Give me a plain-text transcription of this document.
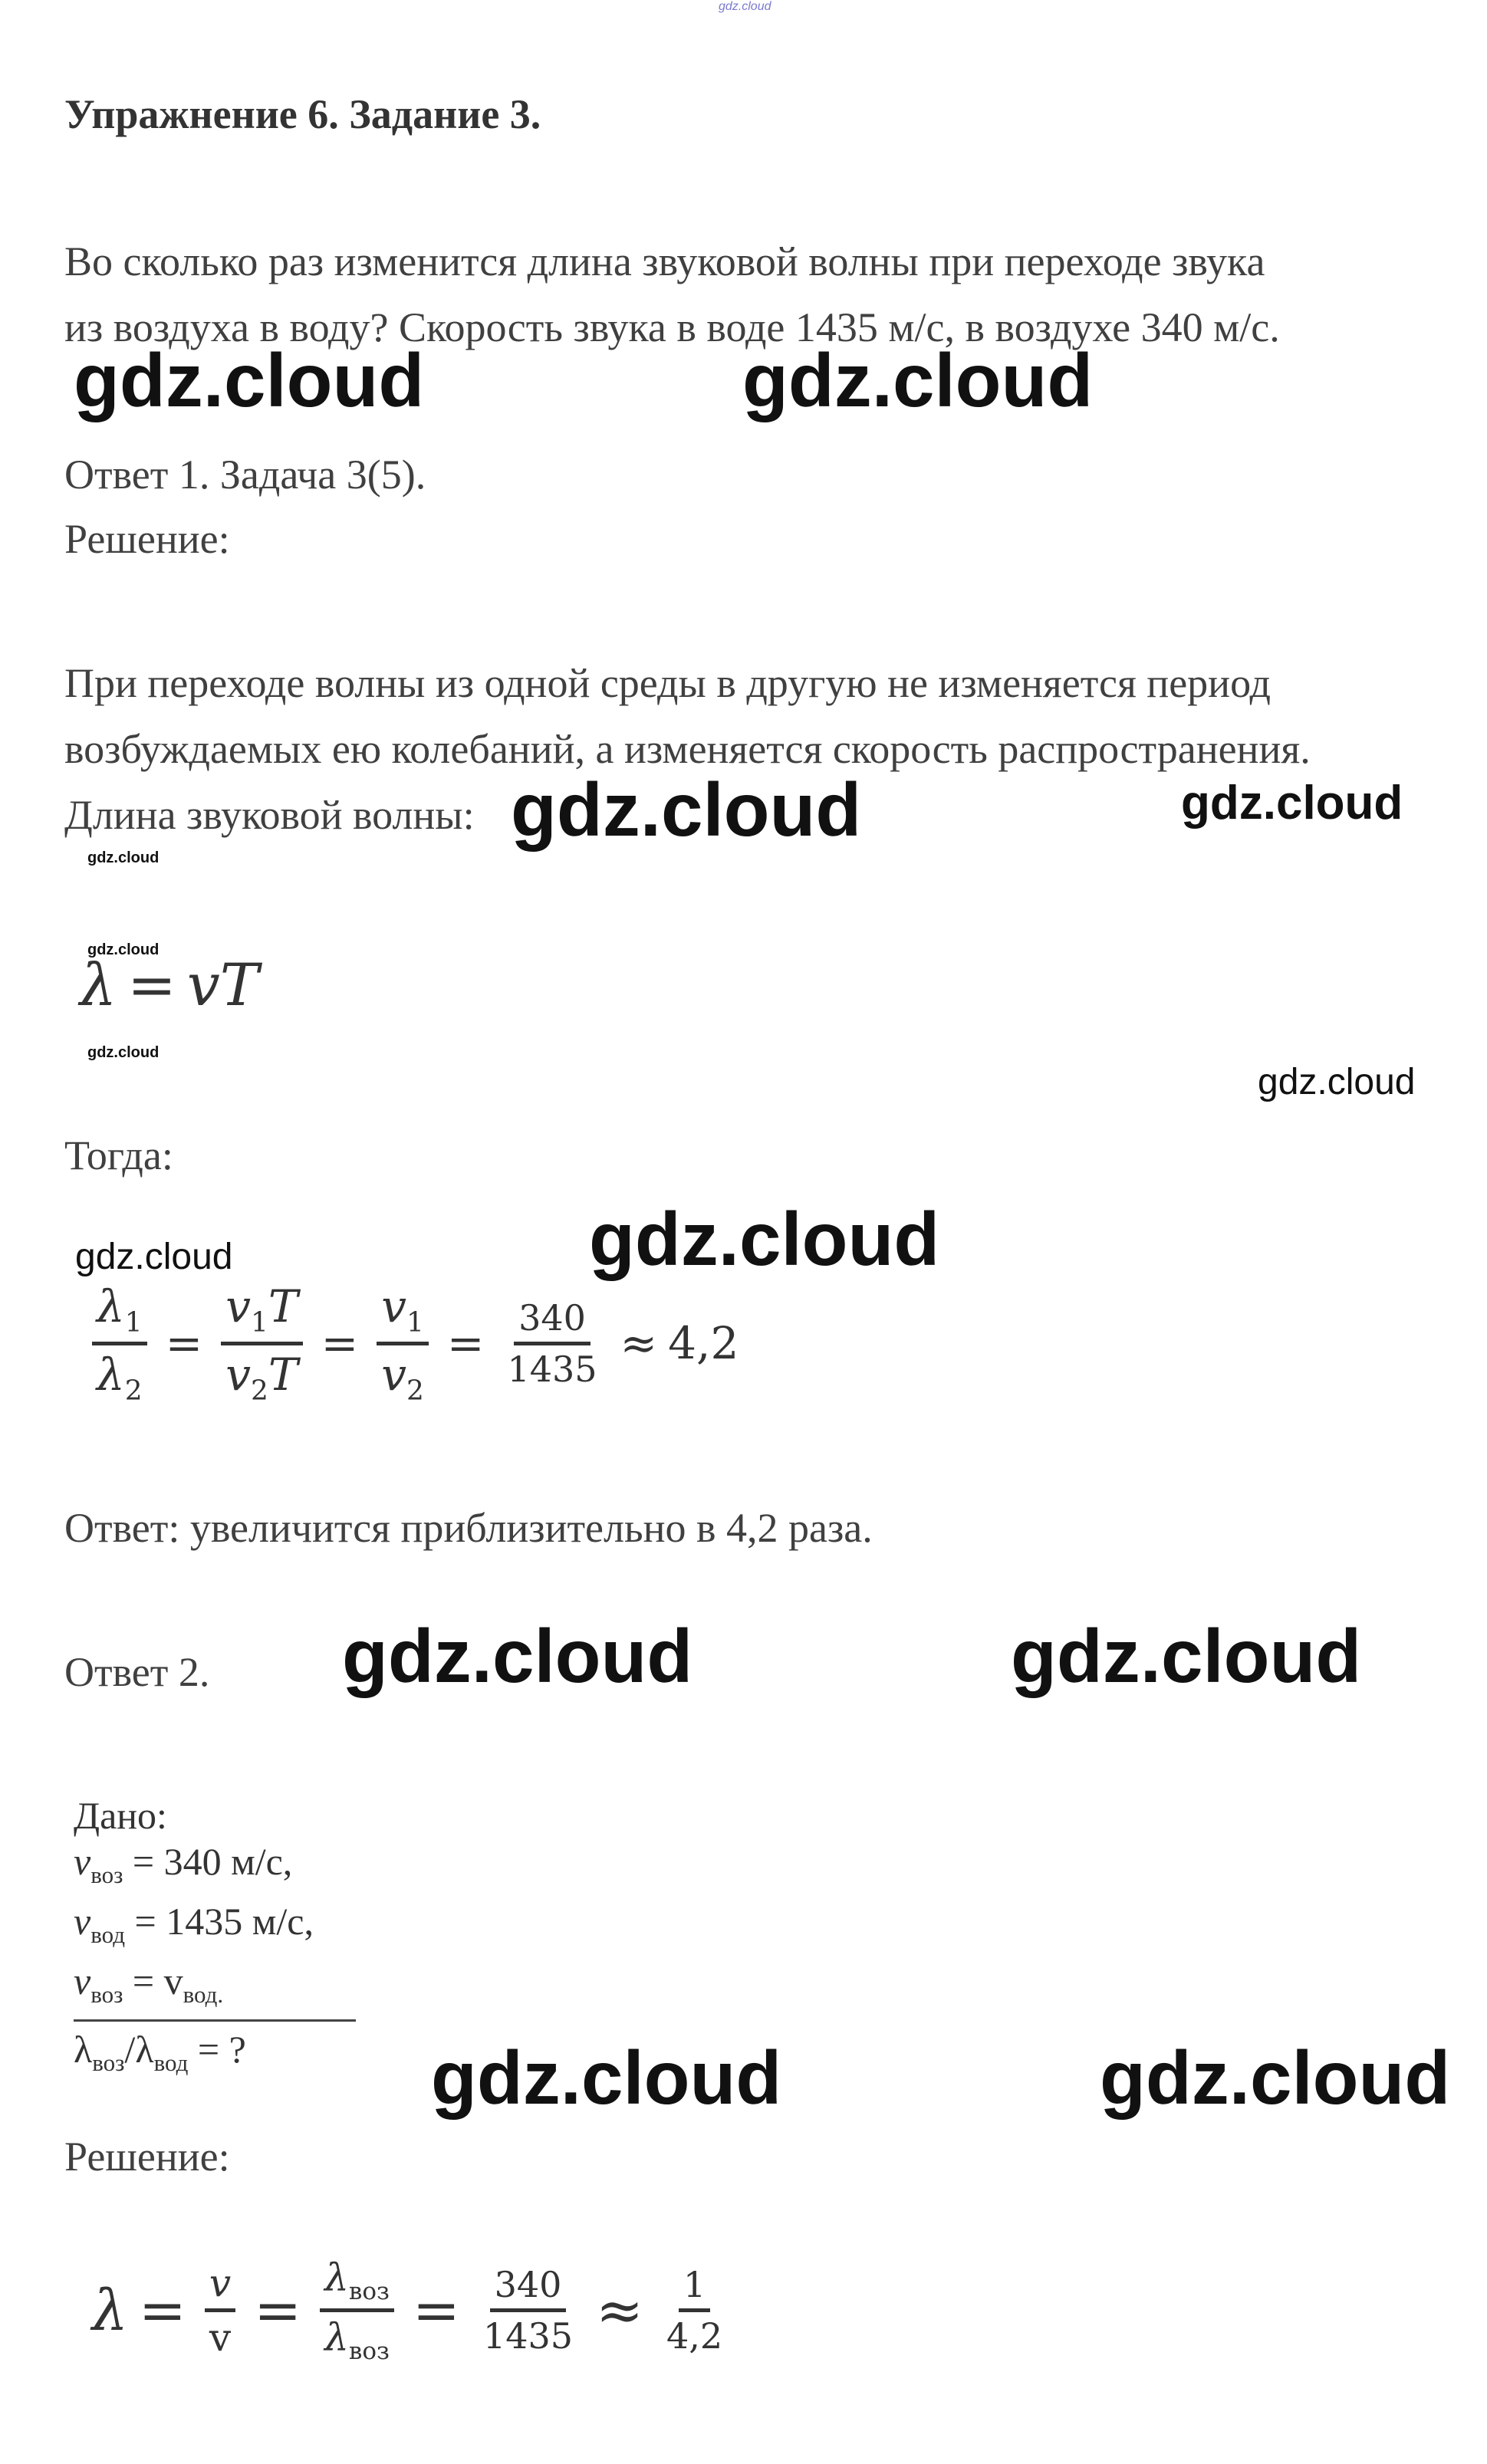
gdz.cloud
Упражнение 6. Задание 3.
Во сколько раз изменится длина звуковой волны при переходе звука
из воздуха в воду? Скорость звука в воде 1435 м/с, в воздухе 340 м/с.
gdz.cloud	gdz.cloud
Ответ 1. Задача 3(5).
Решение:
При переходе волны из одной среды в другую не изменяется период
возбуждаемых ею колебаний, а изменяется скорость распространения.
Длина звуковой волны: gdz.cloud	gdz.cloud
gdz.cloud
gdz.cloud
λ = vT
gdz.cloud
gdz.cloud
Тогда:
gdz.cloud
gdz.cloud
$\frac{\lambda_1}{\lambda_2} = \frac{v_1T}{v_2T} = \frac{v_1}{v_2} = \frac{340}{1435} \approx 4,2$
Ответ: увеличится приблизительно в 4,2 раза.
Ответ 2. gdz.cloud	gdz.cloud
Дано:
$v_{воз} = 340$ м/с,
$v_{вод} = 1435$ м/с,
$v_{воз} = v_{вод.}$
$\lambda_{воз}/\lambda_{вод}$ = ?	gdz.cloud	gdz.cloud
Решение:
$\lambda = \frac{v}{v} = \frac{\lambda_{воз}}{\lambda_{воз}} = \frac{340}{1435} \approx \frac{1}{4,2}$
